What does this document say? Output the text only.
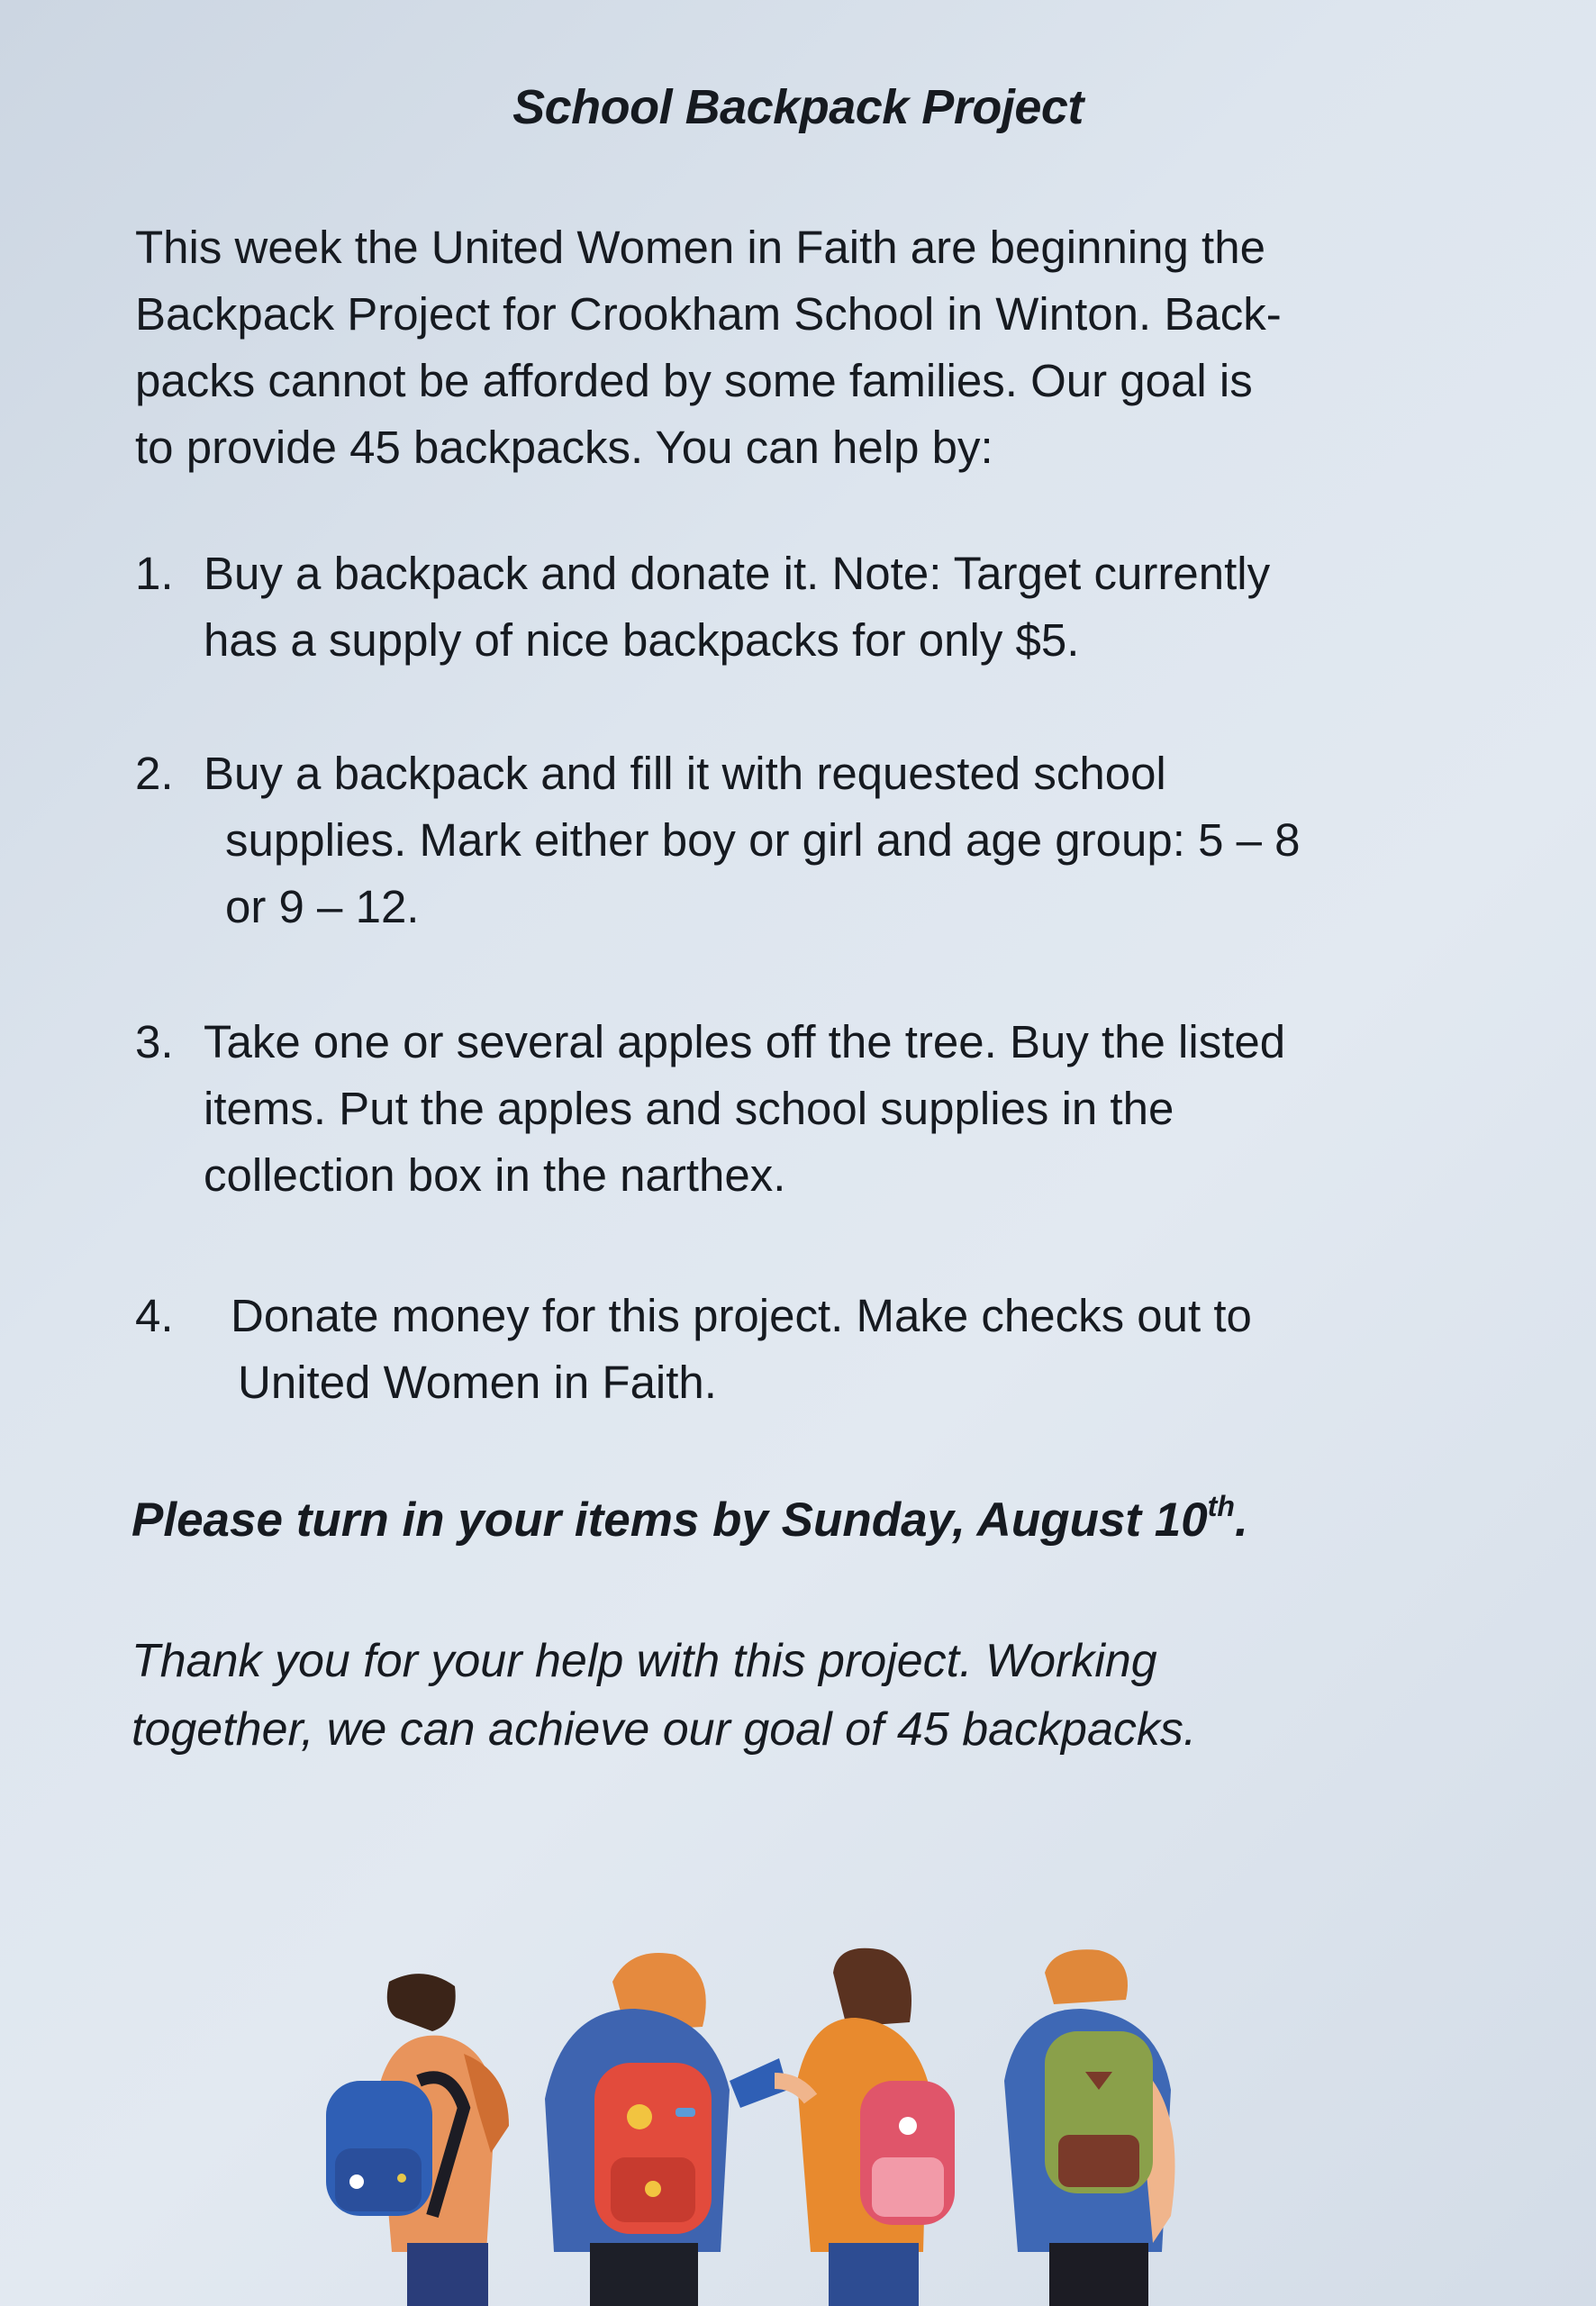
School Backpack Project
This week the United Women in Faith are beginning the
Backpack Project for Crookham School in Winton. Back-
packs cannot be afforded by some families. Our goal is
to provide 45 backpacks. You can help by:
1. Buy a backpack and donate it. Note: Target currently
has a supply of nice backpacks for only $5.
2. Buy a backpack and fill it with requested school
supplies. Mark either boy or girl and age group: 5 – 8
or 9 – 12.
3. Take one or several apples off the tree. Buy the listed
items. Put the apples and school supplies in the
collection box in the narthex.
4. Donate money for this project. Make checks out to
United Women in Faith.
Please turn in your items by Sunday, August 10th.
Thank you for your help with this project. Working
together, we can achieve our goal of 45 backpacks.
